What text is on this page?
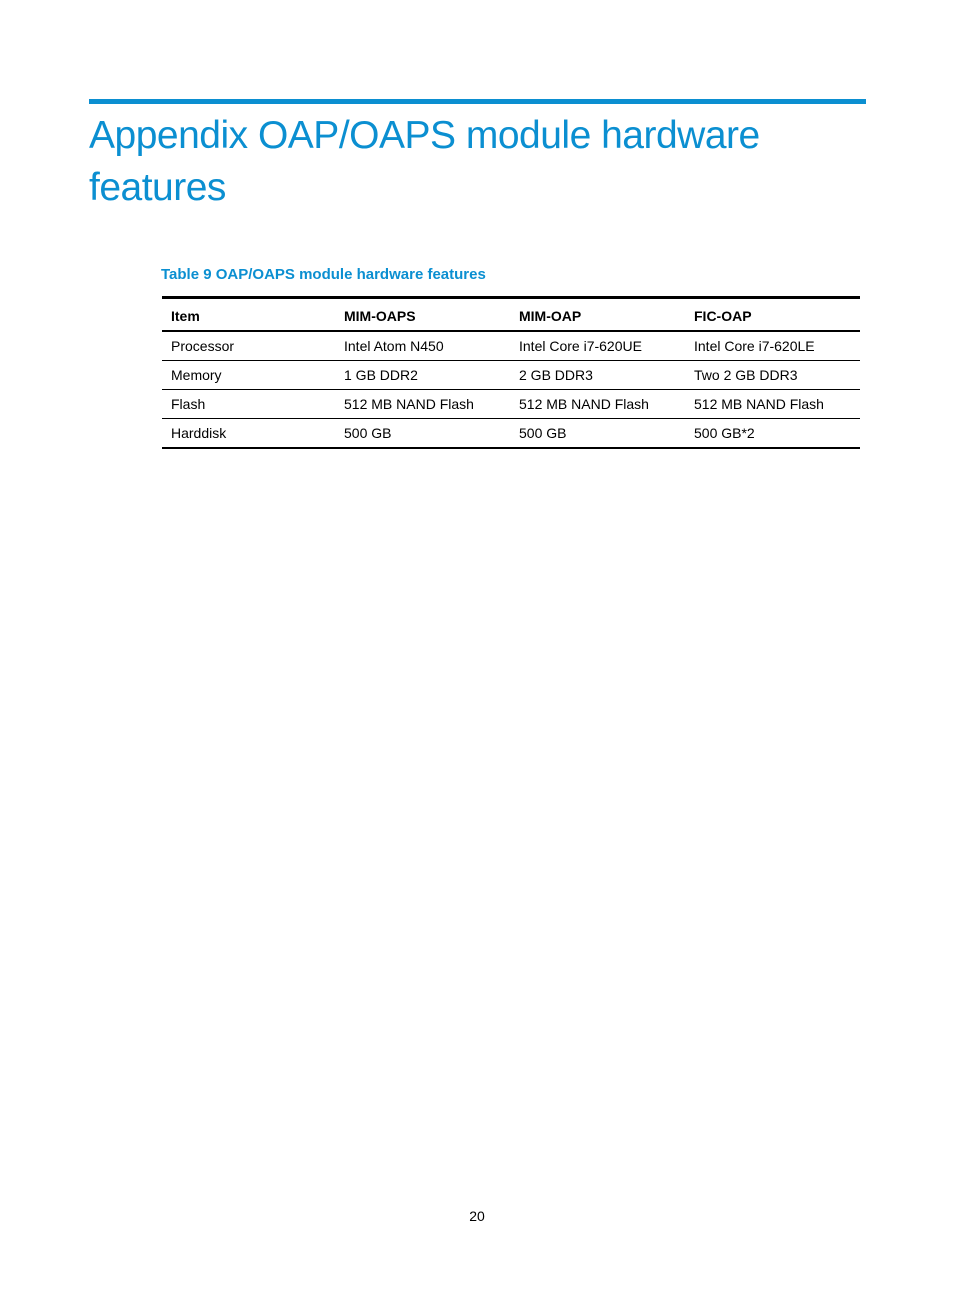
Appendix OAP/OAPS module hardware features
Table 9 OAP/OAPS module hardware features
Item	MIM-OAPS	MIM-OAP	FIC-OAP
Processor	Intel Atom N450	Intel Core i7-620UE	Intel Core i7-620LE
Memory	1 GB DDR2	2 GB DDR3	Two 2 GB DDR3
Flash	512 MB NAND Flash	512 MB NAND Flash	512 MB NAND Flash
Harddisk	500 GB	500 GB	500 GB*2
20
